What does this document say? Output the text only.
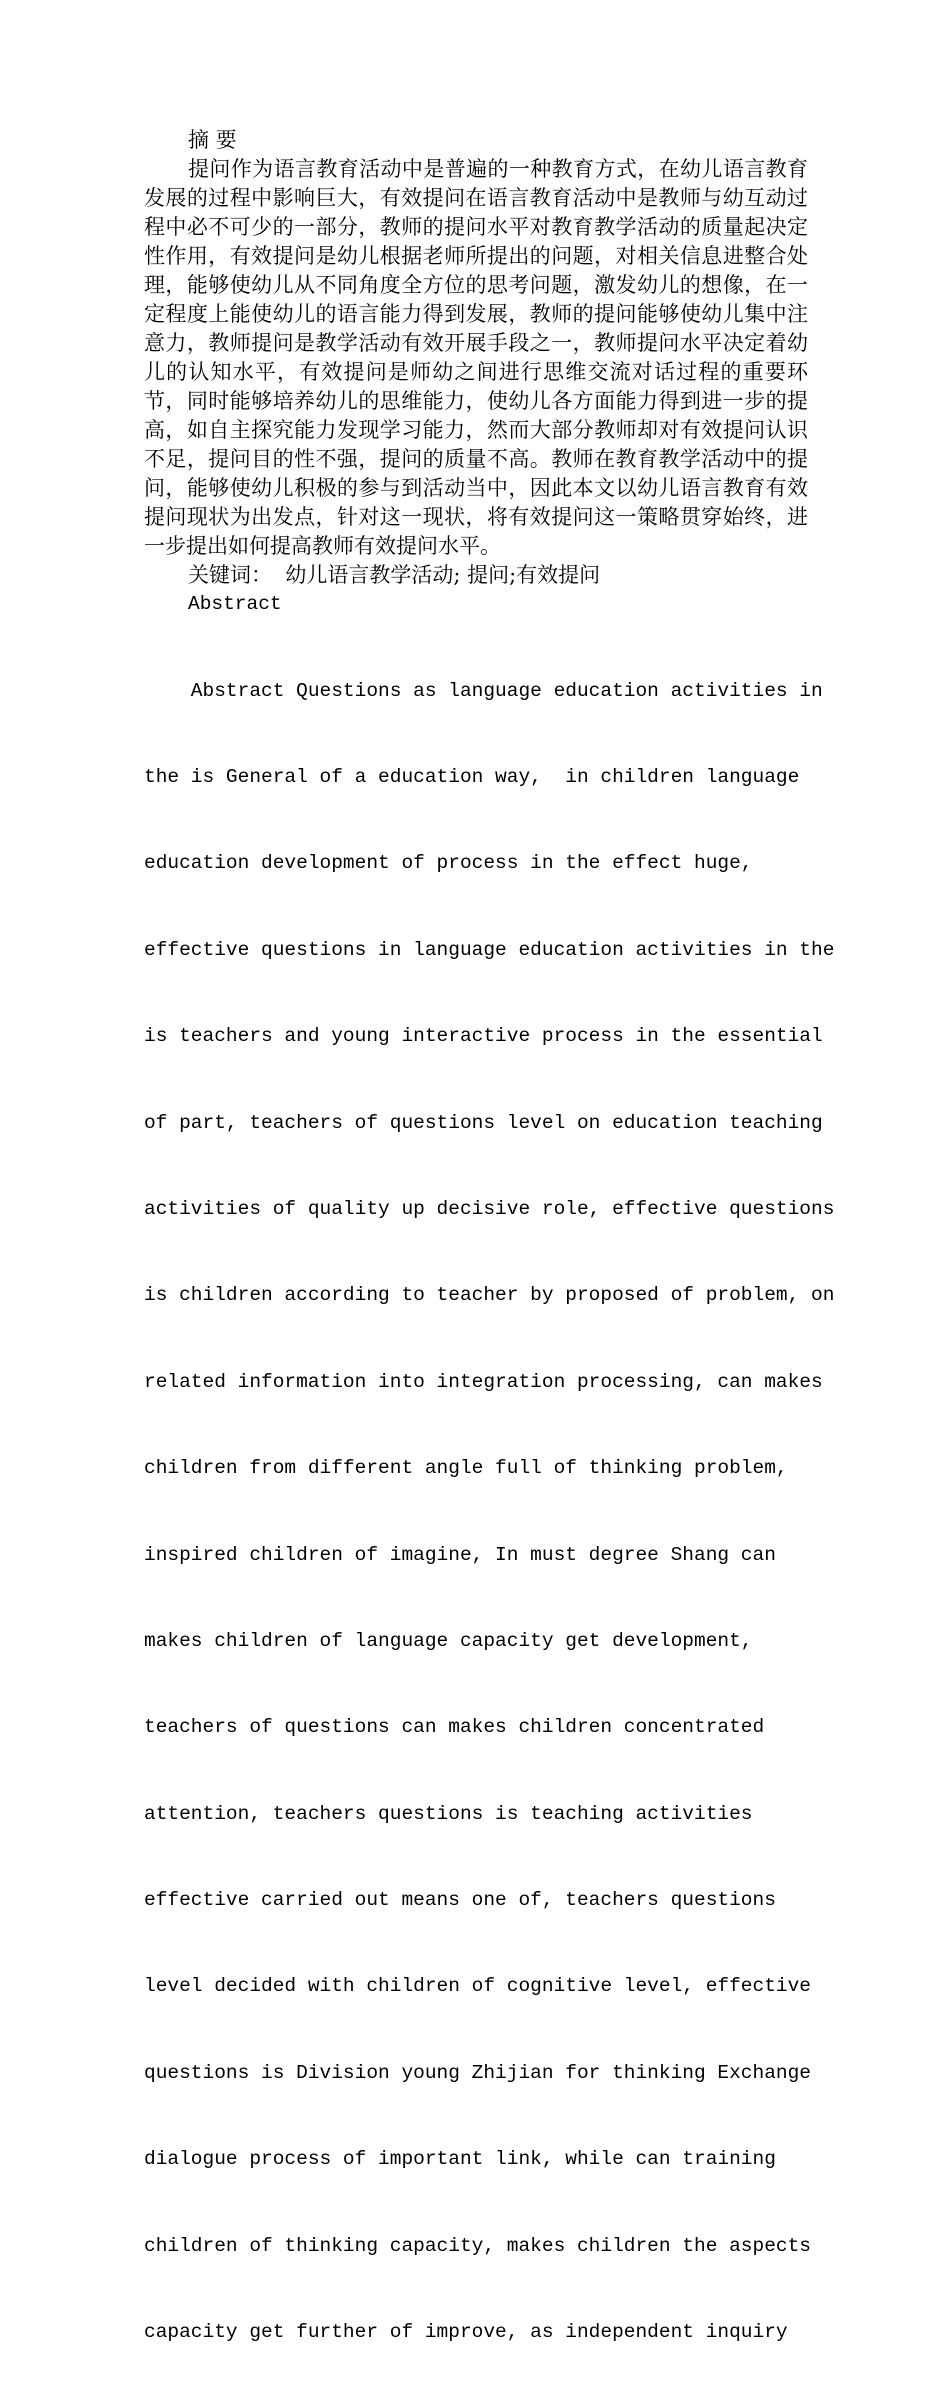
摘 要

提问作为语言教育活动中是普遍的一种教育方式，在幼儿语言教育发展的过程中影响巨大，有效提问在语言教育活动中是教师与幼互动过程中必不可少的一部分，教师的提问水平对教育教学活动的质量起决定性作用，有效提问是幼儿根据老师所提出的问题，对相关信息进整合处理，能够使幼儿从不同角度全方位的思考问题，激发幼儿的想像，在一定程度上能使幼儿的语言能力得到发展，教师的提问能够使幼儿集中注意力，教师提问是教学活动有效开展手段之一，教师提问水平决定着幼儿的认知水平，有效提问是师幼之间进行思维交流对话过程的重要环节，同时能够培养幼儿的思维能力，使幼儿各方面能力得到进一步的提高，如自主探究能力发现学习能力，然而大部分教师却对有效提问认识不足，提问目的性不强，提问的质量不高。教师在教育教学活动中的提问，能够使幼儿积极的参与到活动当中，因此本文以幼儿语言教育有效提问现状为出发点，针对这一现状，将有效提问这一策略贯穿始终，进一步提出如何提高教师有效提问水平。

关键词：  幼儿语言教学活动; 提问;有效提问

Abstract

Abstract Questions as language education activities in

the is General of a education way,  in children language

education development of process in the effect huge,

effective questions in language education activities in the

is teachers and young interactive process in the essential

of part, teachers of questions level on education teaching

activities of quality up decisive role, effective questions

is children according to teacher by proposed of problem, on

related information into integration processing, can makes

children from different angle full of thinking problem,

inspired children of imagine, In must degree Shang can

makes children of language capacity get development,

teachers of questions can makes children concentrated

attention, teachers questions is teaching activities

effective carried out means one of, teachers questions

level decided with children of cognitive level, effective

questions is Division young Zhijian for thinking Exchange

dialogue process of important link, while can training

children of thinking capacity, makes children the aspects

capacity get further of improve, as independent inquiry
